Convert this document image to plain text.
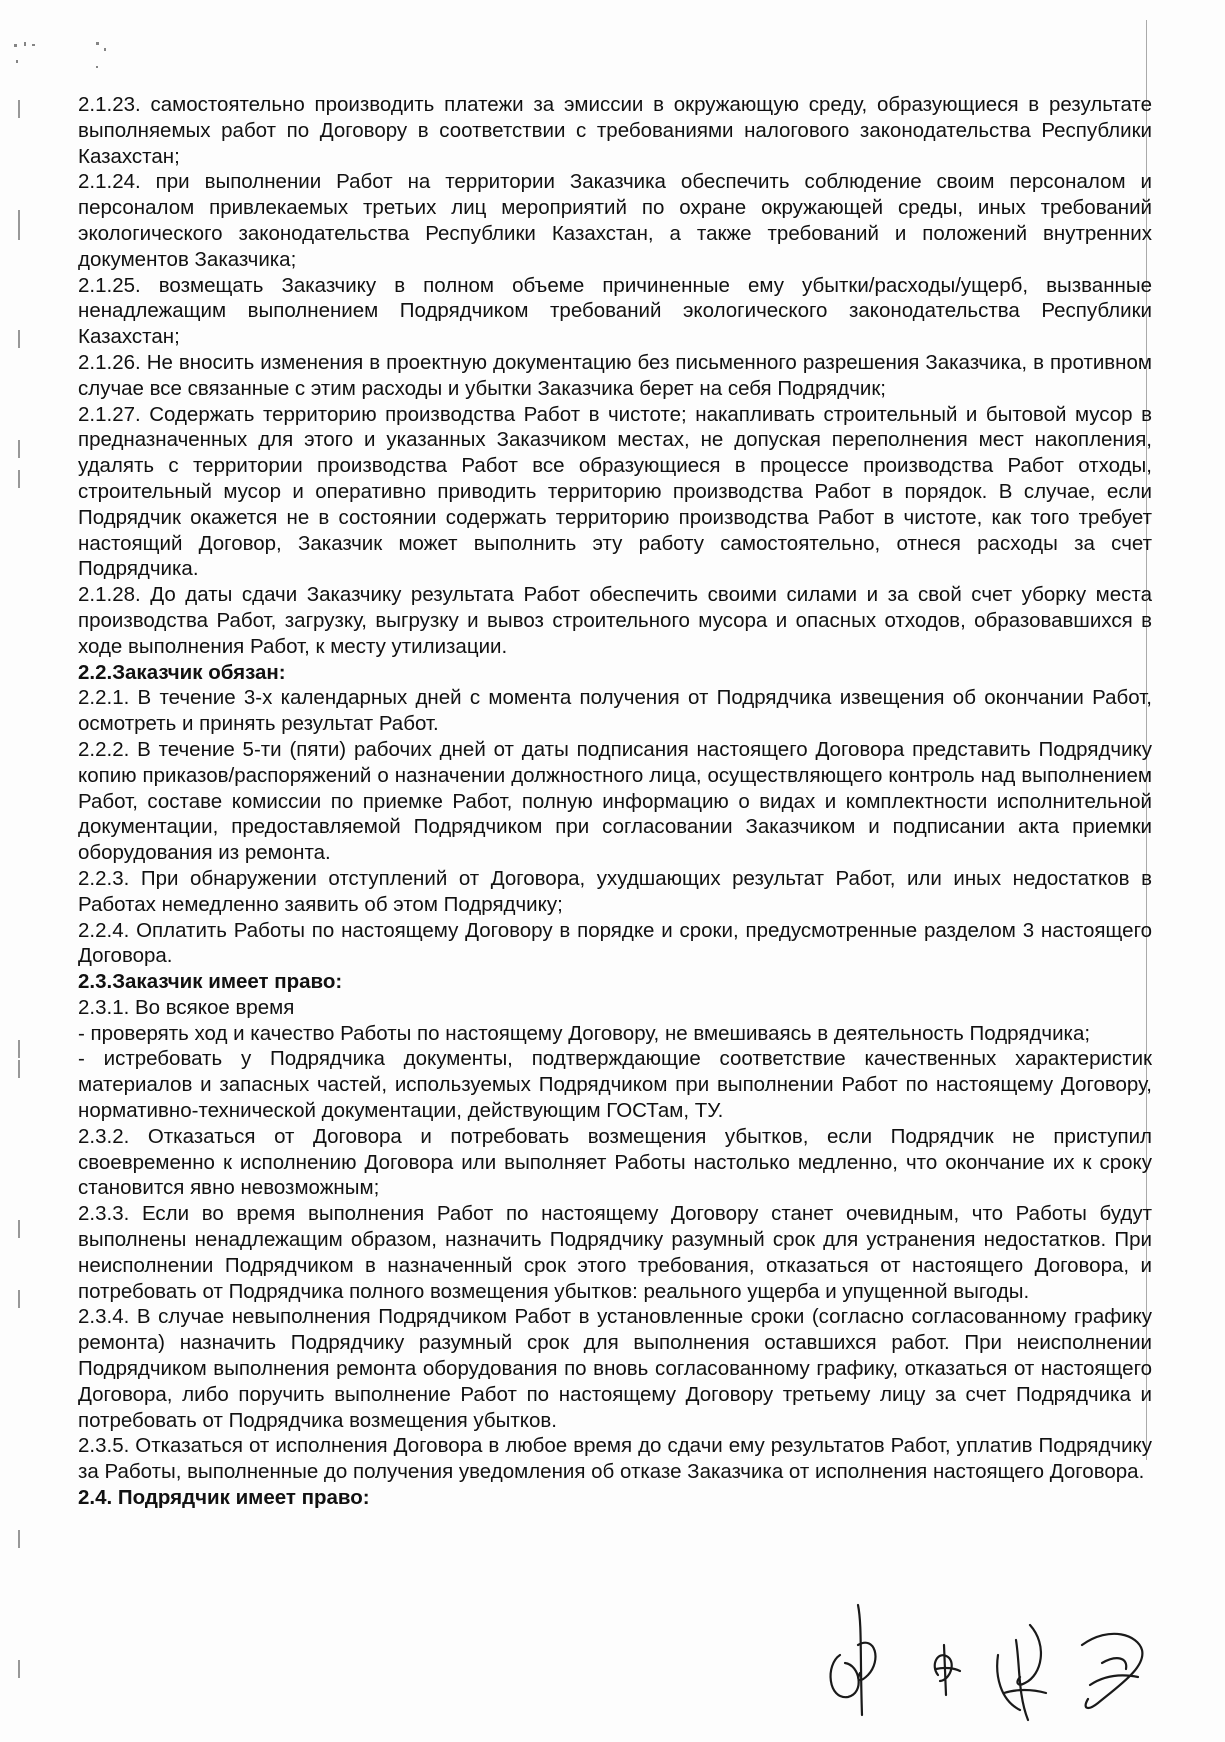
2.1.23. самостоятельно производить платежи за эмиссии в окружающую среду, образующиеся в результате выполняемых работ по Договору в соответствии с требованиями налогового законодательства Республики Казахстан;

2.1.24. при выполнении Работ на территории Заказчика обеспечить соблюдение своим персоналом и персоналом привлекаемых третьих лиц мероприятий по охране окружающей среды, иных требований экологического законодательства Республики Казахстан, а также требований и положений внутренних документов Заказчика;

2.1.25. возмещать Заказчику в полном объеме причиненные ему убытки/расходы/ущерб, вызванные ненадлежащим выполнением Подрядчиком требований экологического законодательства Республики Казахстан;

2.1.26. Не вносить изменения в проектную документацию без письменного разрешения Заказчика, в противном случае все связанные с этим расходы и убытки Заказчика берет на себя Подрядчик;

2.1.27. Содержать территорию производства Работ в чистоте; накапливать строительный и бытовой мусор в предназначенных для этого и указанных Заказчиком местах, не допуская переполнения мест накопления, удалять с территории производства Работ все образующиеся в процессе производства Работ отходы, строительный мусор и оперативно приводить территорию производства Работ в порядок. В случае, если Подрядчик окажется не в состоянии содержать территорию производства Работ в чистоте, как того требует настоящий Договор, Заказчик может выполнить эту работу самостоятельно, отнеся расходы за счет Подрядчика.

2.1.28. До даты сдачи Заказчику результата Работ обеспечить своими силами и за свой счет уборку места производства Работ, загрузку, выгрузку и вывоз строительного мусора и опасных отходов, образовавшихся в ходе выполнения Работ, к месту утилизации.

2.2.Заказчик обязан:

2.2.1. В течение 3-х календарных дней с момента получения от Подрядчика извещения об окончании Работ, осмотреть и принять результат Работ.

2.2.2. В течение 5-ти (пяти) рабочих дней от даты подписания настоящего Договора представить Подрядчику копию приказов/распоряжений о назначении должностного лица, осуществляющего контроль над выполнением Работ, составе комиссии по приемке Работ, полную информацию о видах и комплектности исполнительной документации, предоставляемой Подрядчиком при согласовании Заказчиком и подписании акта приемки оборудования из ремонта.

2.2.3. При обнаружении отступлений от Договора, ухудшающих результат Работ, или иных недостатков в Работах немедленно заявить об этом Подрядчику;

2.2.4. Оплатить Работы по настоящему Договору в порядке и сроки, предусмотренные разделом 3 настоящего Договора.

2.3.Заказчик имеет право:

2.3.1. Во всякое время

- проверять ход и качество Работы по настоящему Договору, не вмешиваясь в деятельность Подрядчика;

- истребовать у Подрядчика документы, подтверждающие соответствие качественных характеристик материалов и запасных частей, используемых Подрядчиком при выполнении Работ по настоящему Договору, нормативно-технической документации, действующим ГОСТам, ТУ.

2.3.2. Отказаться от Договора и потребовать возмещения убытков, если Подрядчик не приступил своевременно к исполнению Договора или выполняет Работы настолько медленно, что окончание их к сроку становится явно невозможным;

2.3.3. Если во время выполнения Работ по настоящему Договору станет очевидным, что Работы будут выполнены ненадлежащим образом, назначить Подрядчику разумный срок для устранения недостатков. При неисполнении Подрядчиком в назначенный срок этого требования, отказаться от настоящего Договора, и потребовать от Подрядчика полного возмещения убытков: реального ущерба и упущенной выгоды.

2.3.4. В случае невыполнения Подрядчиком Работ в установленные сроки (согласно согласованному графику ремонта) назначить Подрядчику разумный срок для выполнения оставшихся работ. При неисполнении Подрядчиком выполнения ремонта оборудования по вновь согласованному графику, отказаться от настоящего Договора, либо поручить выполнение Работ по настоящему Договору третьему лицу за счет Подрядчика и потребовать от Подрядчика возмещения убытков.

2.3.5. Отказаться от исполнения Договора в любое время до сдачи ему результатов Работ, уплатив Подрядчику за Работы, выполненные до получения уведомления об отказе Заказчика от исполнения настоящего Договора.

2.4. Подрядчик имеет право:
